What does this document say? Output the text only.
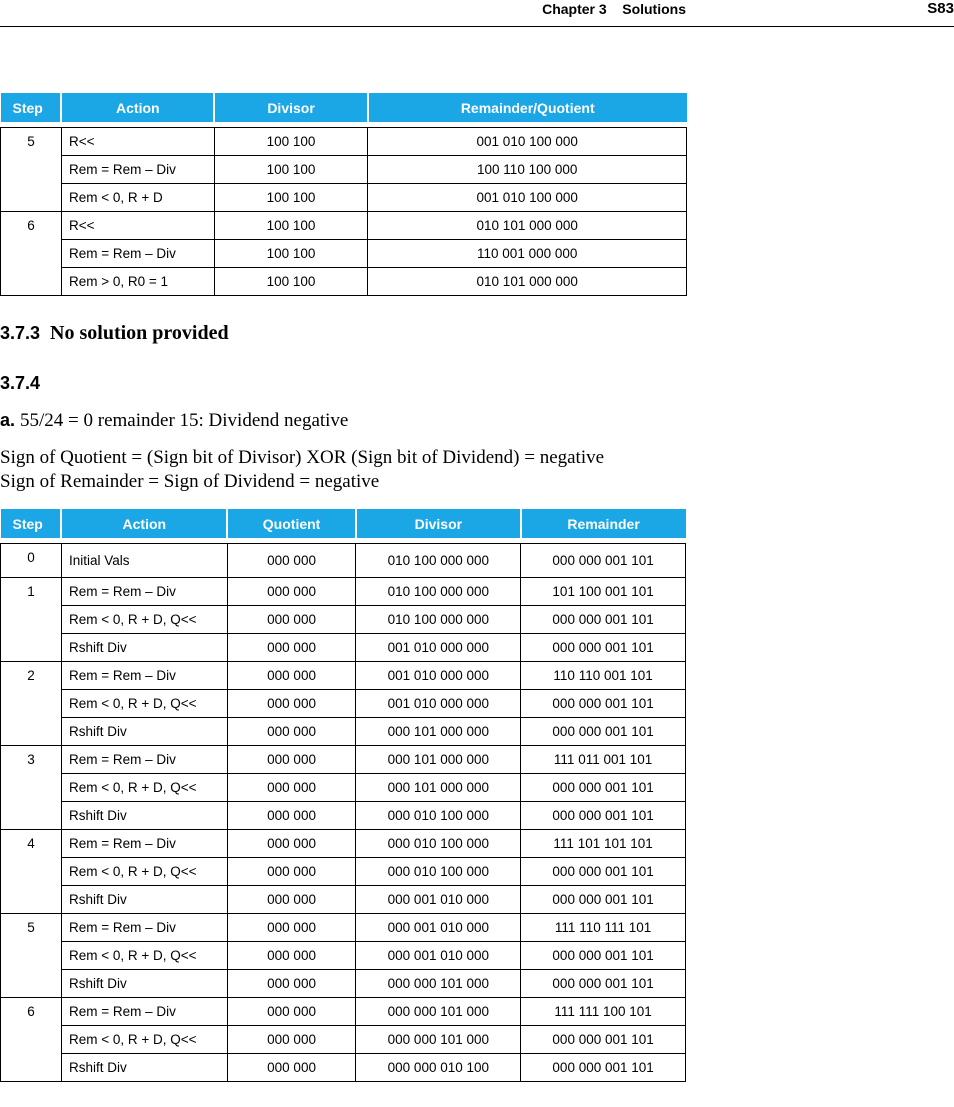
Chapter 3    Solutions	S83
Step	Action	Divisor	Remainder/Quotient

5	R<<	100 100	001 010 100 000
	Rem = Rem – Div	100 100	100 110 100 000
	Rem < 0, R + D	100 100	001 010 100 000
6	R<<	100 100	010 101 000 000
	Rem = Rem – Div	100 100	110 001 000 000
	Rem > 0, R0 = 1	100 100	010 101 000 000
3.7.3 No solution provided
3.7.4
a. 55/24 = 0 remainder 15: Dividend negative
Sign of Quotient = (Sign bit of Divisor) XOR (Sign bit of Dividend) = negative
Sign of Remainder = Sign of Dividend = negative
Step	Action	Quotient	Divisor	Remainder

0	Initial Vals	000 000	010 100 000 000	000 000 001 101
1	Rem = Rem – Div	000 000	010 100 000 000	101 100 001 101
	Rem < 0, R + D, Q<<	000 000	010 100 000 000	000 000 001 101
	Rshift Div	000 000	001 010 000 000	000 000 001 101
2	Rem = Rem – Div	000 000	001 010 000 000	110 110 001 101
	Rem < 0, R + D, Q<<	000 000	001 010 000 000	000 000 001 101
	Rshift Div	000 000	000 101 000 000	000 000 001 101
3	Rem = Rem – Div	000 000	000 101 000 000	111 011 001 101
	Rem < 0, R + D, Q<<	000 000	000 101 000 000	000 000 001 101
	Rshift Div	000 000	000 010 100 000	000 000 001 101
4	Rem = Rem – Div	000 000	000 010 100 000	111 101 101 101
	Rem < 0, R + D, Q<<	000 000	000 010 100 000	000 000 001 101
	Rshift Div	000 000	000 001 010 000	000 000 001 101
5	Rem = Rem – Div	000 000	000 001 010 000	111 110 111 101
	Rem < 0, R + D, Q<<	000 000	000 001 010 000	000 000 001 101
	Rshift Div	000 000	000 000 101 000	000 000 001 101
6	Rem = Rem – Div	000 000	000 000 101 000	111 111 100 101
	Rem < 0, R + D, Q<<	000 000	000 000 101 000	000 000 001 101
	Rshift Div	000 000	000 000 010 100	000 000 001 101
